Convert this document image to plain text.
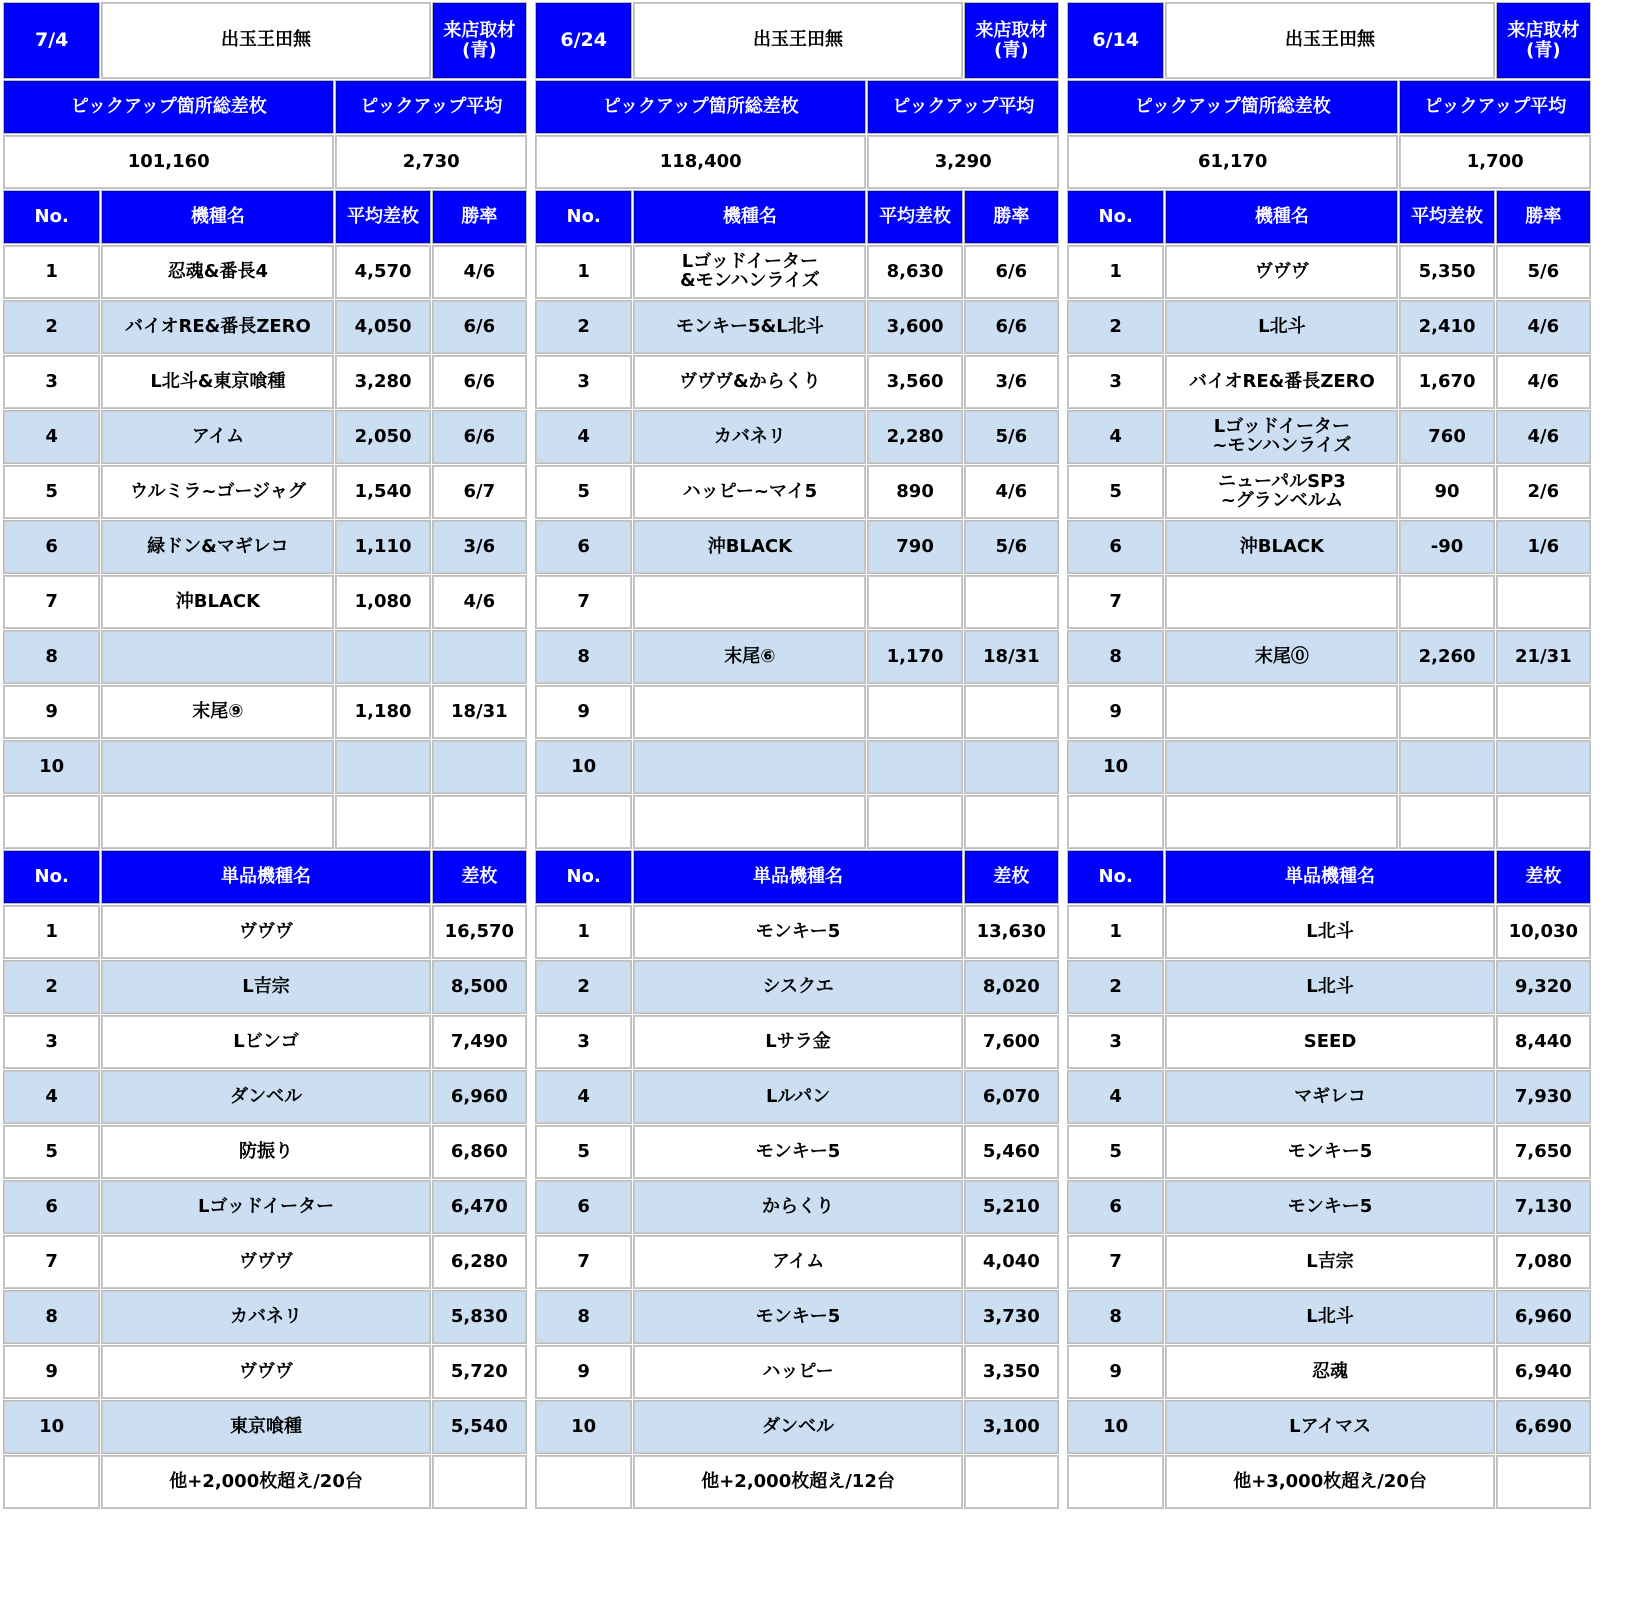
7/4	出玉王田無		来店取材
(青)

ピックアップ箇所総差枚		ピックアップ平均	
101,160		2,730	
No.	機種名	平均差枚	勝率
1	忍魂&番長4	4,570	4/6
2	バイオRE&番長ZERO	4,050	6/6
3	L北斗&東京喰種	3,280	6/6
4	アイム	2,050	6/6
5	ウルミラ~ゴージャグ	1,540	6/7
6	緑ドン&マギレコ	1,110	3/6
7	沖BLACK	1,080	4/6
8	

9	末尾⑨	1,180	18/31
10	

No.	単品機種名		差枚
1	ヴヴヴ		16,570
2	L吉宗		8,500
3	Lビンゴ		7,490
4	ダンベル		6,960
5	防振り		6,860
6	Lゴッドイーター		6,470
7	ヴヴヴ		6,280
8	カバネリ		5,830
9	ヴヴヴ		5,720
10	東京喰種		5,540
	他+2,000枚超え/20台		
6/24	出玉王田無		来店取材
(青)

ピックアップ箇所総差枚		ピックアップ平均	
118,400		3,290	
No.	機種名	平均差枚	勝率
1	Lゴッドイーター
&モンハンライズ	8,630	6/6
2	モンキー5&L北斗	3,600	6/6
3	ヴヴヴ&からくり	3,560	3/6
4	カバネリ	2,280	5/6
5	ハッピー~マイ5	890	4/6
6	沖BLACK	790	5/6
7	

8	末尾⑥	1,170	18/31
9	

10	

No.	単品機種名		差枚
1	モンキー5		13,630
2	シスクエ		8,020
3	Lサラ金		7,600
4	Lルパン		6,070
5	モンキー5		5,460
6	からくり		5,210
7	アイム		4,040
8	モンキー5		3,730
9	ハッピー		3,350
10	ダンベル		3,100
	他+2,000枚超え/12台		
6/14	出玉王田無		来店取材
(青)

ピックアップ箇所総差枚		ピックアップ平均	
61,170		1,700	
No.	機種名	平均差枚	勝率
1	ヴヴヴ	5,350	5/6
2	L北斗	2,410	4/6
3	バイオRE&番長ZERO	1,670	4/6
4	Lゴッドイーター
~モンハンライズ	760	4/6
5	ニューパルSP3
~グランベルム	90	2/6
6	沖BLACK	-90	1/6
7	

8	末尾⓪	2,260	21/31
9	

10	

No.	単品機種名		差枚
1	L北斗		10,030
2	L北斗		9,320
3	SEED		8,440
4	マギレコ		7,930
5	モンキー5		7,650
6	モンキー5		7,130
7	L吉宗		7,080
8	L北斗		6,960
9	忍魂		6,940
10	Lアイマス		6,690
	他+3,000枚超え/20台		
